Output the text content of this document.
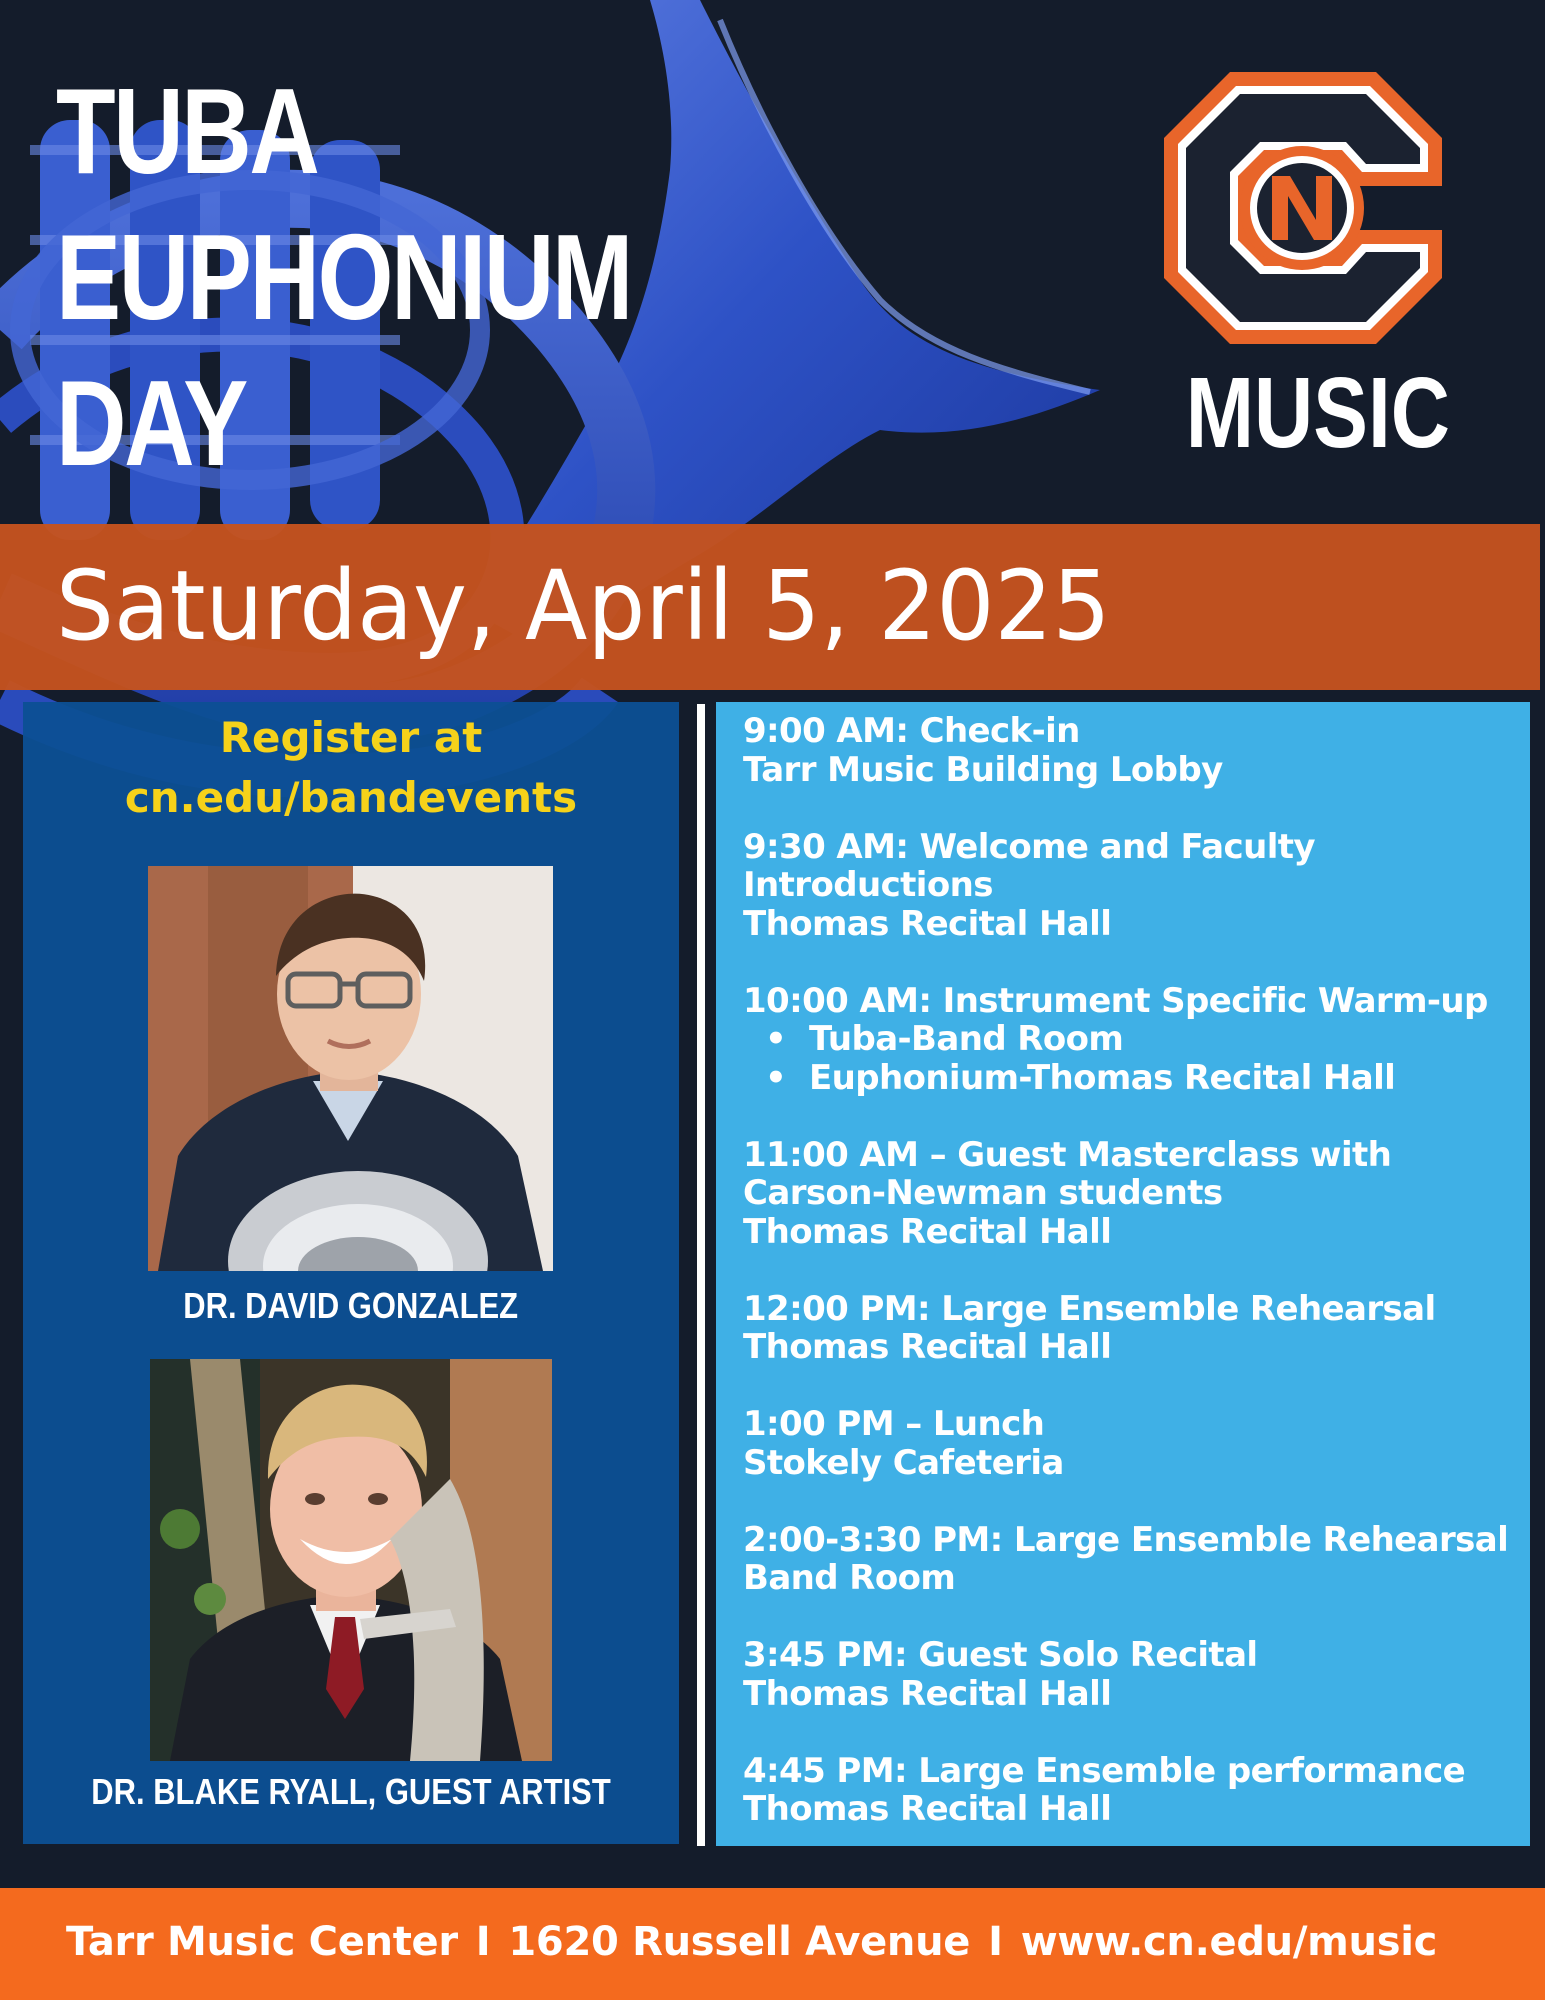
TUBA
EUPHONIUM
DAY	MUSIC
Saturday, April 5, 2025
Register at
cn.edu/bandevents
DR. DAVID GONZALEZ
DR. BLAKE RYALL, GUEST ARTIST
9:00 AM: Check-in
Tarr Music Building Lobby
9:30 AM: Welcome and Faculty
Introductions
Thomas Recital Hall
10:00 AM: Instrument Specific Warm-up
• Tuba-Band Room
• Euphonium-Thomas Recital Hall
11:00 AM – Guest Masterclass with
Carson-Newman students
Thomas Recital Hall
12:00 PM: Large Ensemble Rehearsal
Thomas Recital Hall
1:00 PM – Lunch
Stokely Cafeteria
2:00-3:30 PM: Large Ensemble Rehearsal
Band Room
3:45 PM: Guest Solo Recital
Thomas Recital Hall
4:45 PM: Large Ensemble performance
Thomas Recital Hall
Tarr Music Center I 1620 Russell Avenue I www.cn.edu/music
